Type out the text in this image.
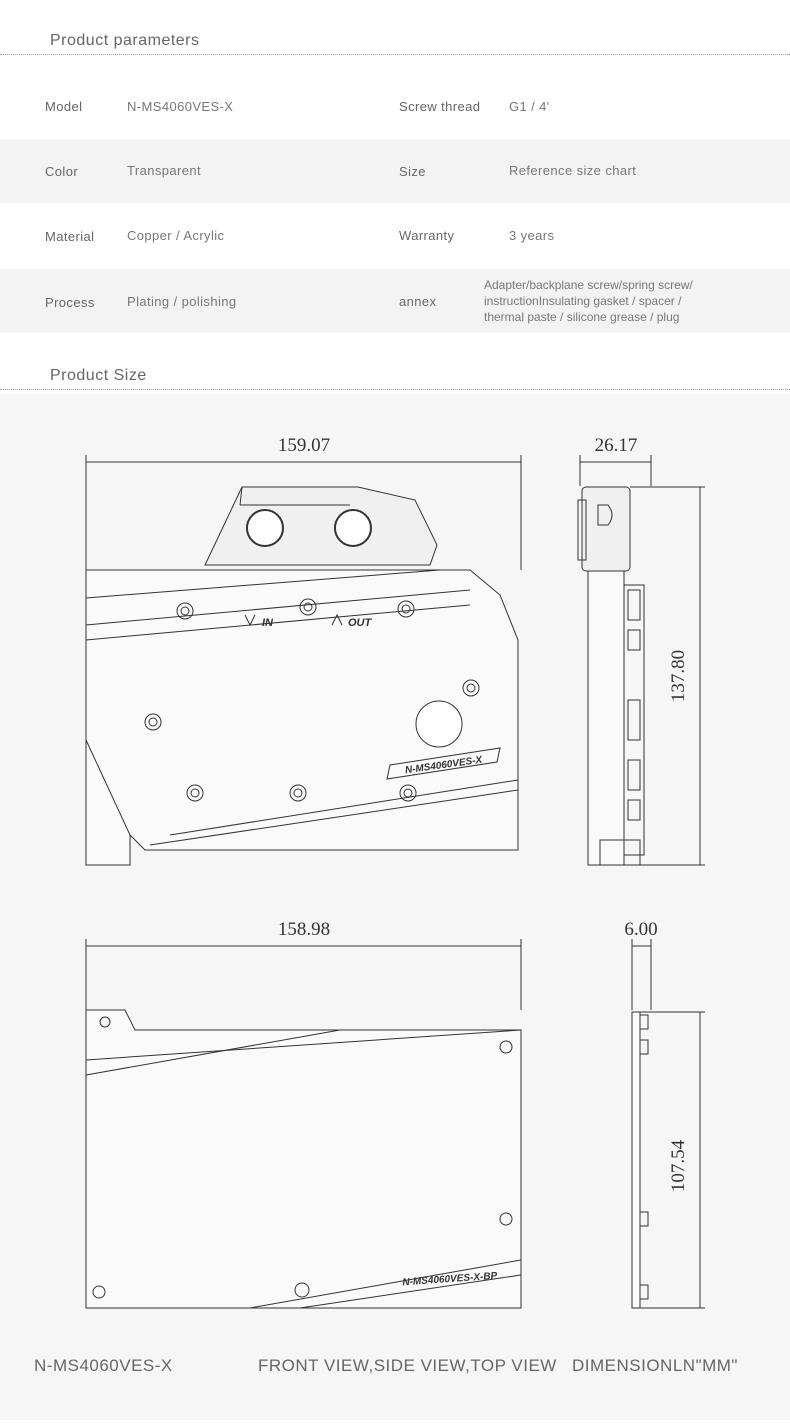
Product parameters
Model	N-MS4060VES-X	Screw thread G1 / 4'
Color	Transparent	Size	Reference size chart
Material	Copper / Acrylic	Warranty	3 years
Process Plating / polishing	annex
Adapter/backplane screw/spring screw/
instructionInsulating gasket / spacer /
thermal paste / silicone grease / plug
Product Size
159.07
N-MS4060VES-X
IN	OUT
26.17
137.80
158.98
N-MS4060VES-X-BP
6.00
107.54
N-MS4060VES-X	FRONT VIEW,SIDE VIEW,TOP VIEW DIMENSIONLN"MM"
